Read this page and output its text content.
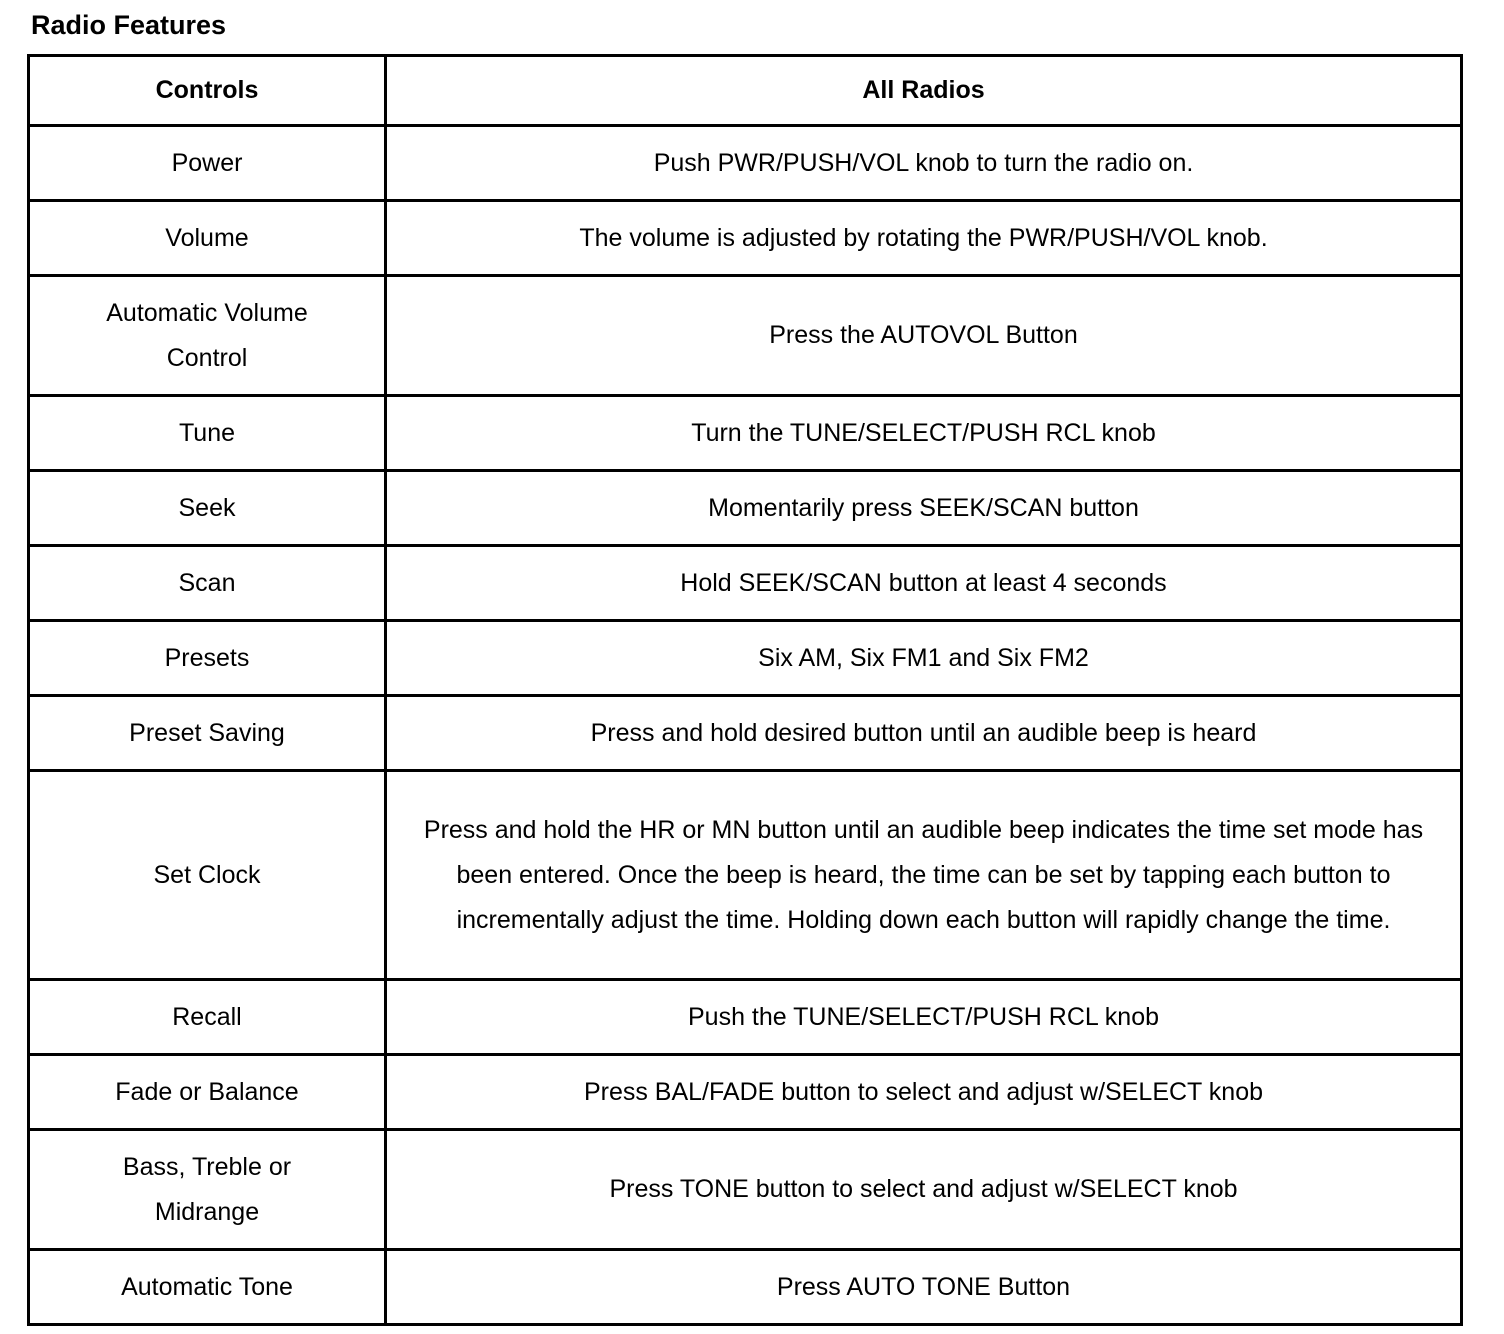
Radio Features
Controls	All Radios
Power	Push PWR/PUSH/VOL knob to turn the radio on.
Volume	The volume is adjusted by rotating the PWR/PUSH/VOL knob.
Automatic Volume Control	Press the AUTOVOL Button
Tune	Turn the TUNE/SELECT/PUSH RCL knob
Seek	Momentarily press SEEK/SCAN button
Scan	Hold SEEK/SCAN button at least 4 seconds
Presets	Six AM, Six FM1 and Six FM2
Preset Saving	Press and hold desired button until an audible beep is heard
Set Clock	Press and hold the HR or MN button until an audible beep indicates the time set mode has been entered. Once the beep is heard, the time can be set by tapping each button to incrementally adjust the time. Holding down each button will rapidly change the time.
Recall	Push the TUNE/SELECT/PUSH RCL knob
Fade or Balance	Press BAL/FADE button to select and adjust w/SELECT knob
Bass, Treble or Midrange	Press TONE button to select and adjust w/SELECT knob
Automatic Tone	Press AUTO TONE Button
